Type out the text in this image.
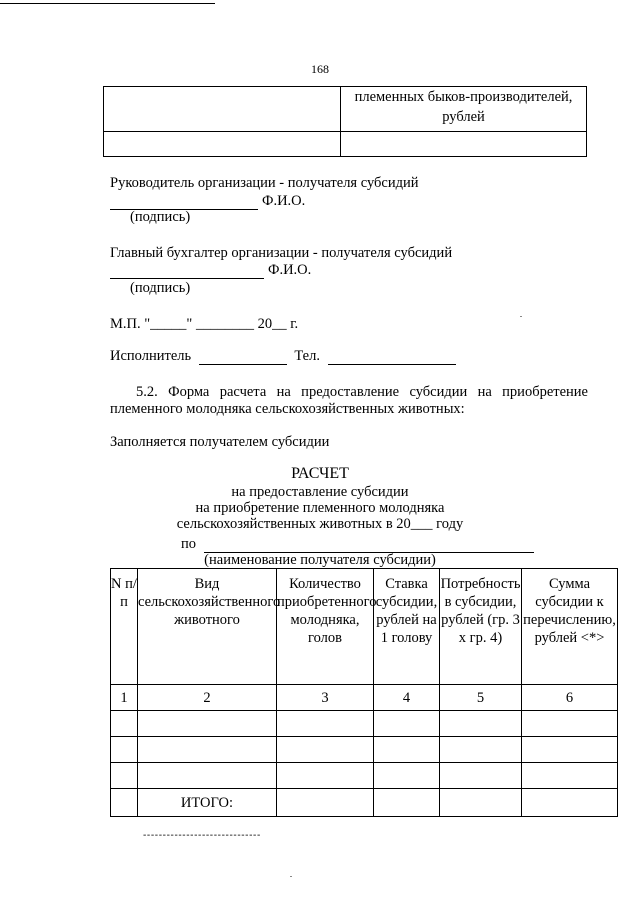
168
	племенных быков-производителей, рублей

Руководитель организации - получателя субсидий
Ф.И.О.
(подпись)
Главный бухгалтер организации - получателя субсидий
Ф.И.О.
(подпись)
М.П. "_____" ________ 20__ г.
Исполнитель	Тел.
5.2. Форма расчета на предоставление субсидии на приобретение
племенного молодняка сельскохозяйственных животных:
Заполняется получателем субсидии
РАСЧЕТ
на предоставление субсидии
на приобретение племенного молодняка
сельскохозяйственных животных в 20___ году
по
(наименование получателя субсидии)
N п/п	Вид сельскохозяйственного животного	Количество приобретенного молодняка, голов	Ставка субсидии, рублей на 1 голову	Потребность в субсидии, рублей (гр. 3 х гр. 4)	Сумма субсидии к перечислению, рублей <*>
1	2	3	4	5	6

	ИТОГО:				
------------------------------
